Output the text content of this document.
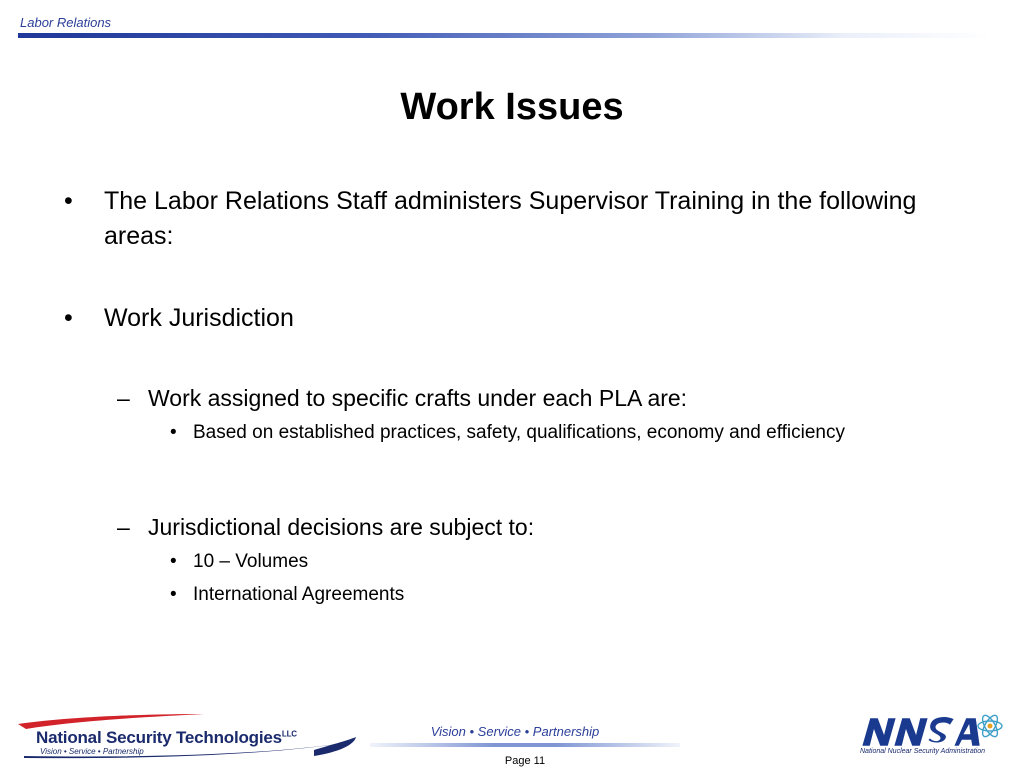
Labor Relations
Work Issues
• The Labor Relations Staff administers Supervisor Training in the following areas:
• Work Jurisdiction
– Work assigned to specific crafts under each PLA are:
• Based on established practices, safety, qualifications, economy and efficiency
– Jurisdictional decisions are subject to:
• 10 – Volumes
• International Agreements
National Security Technologies$^{LLC}$
Vision • Service • Partnership
Vision • Service • Partnership
Page 11
National Nuclear Security Administration
